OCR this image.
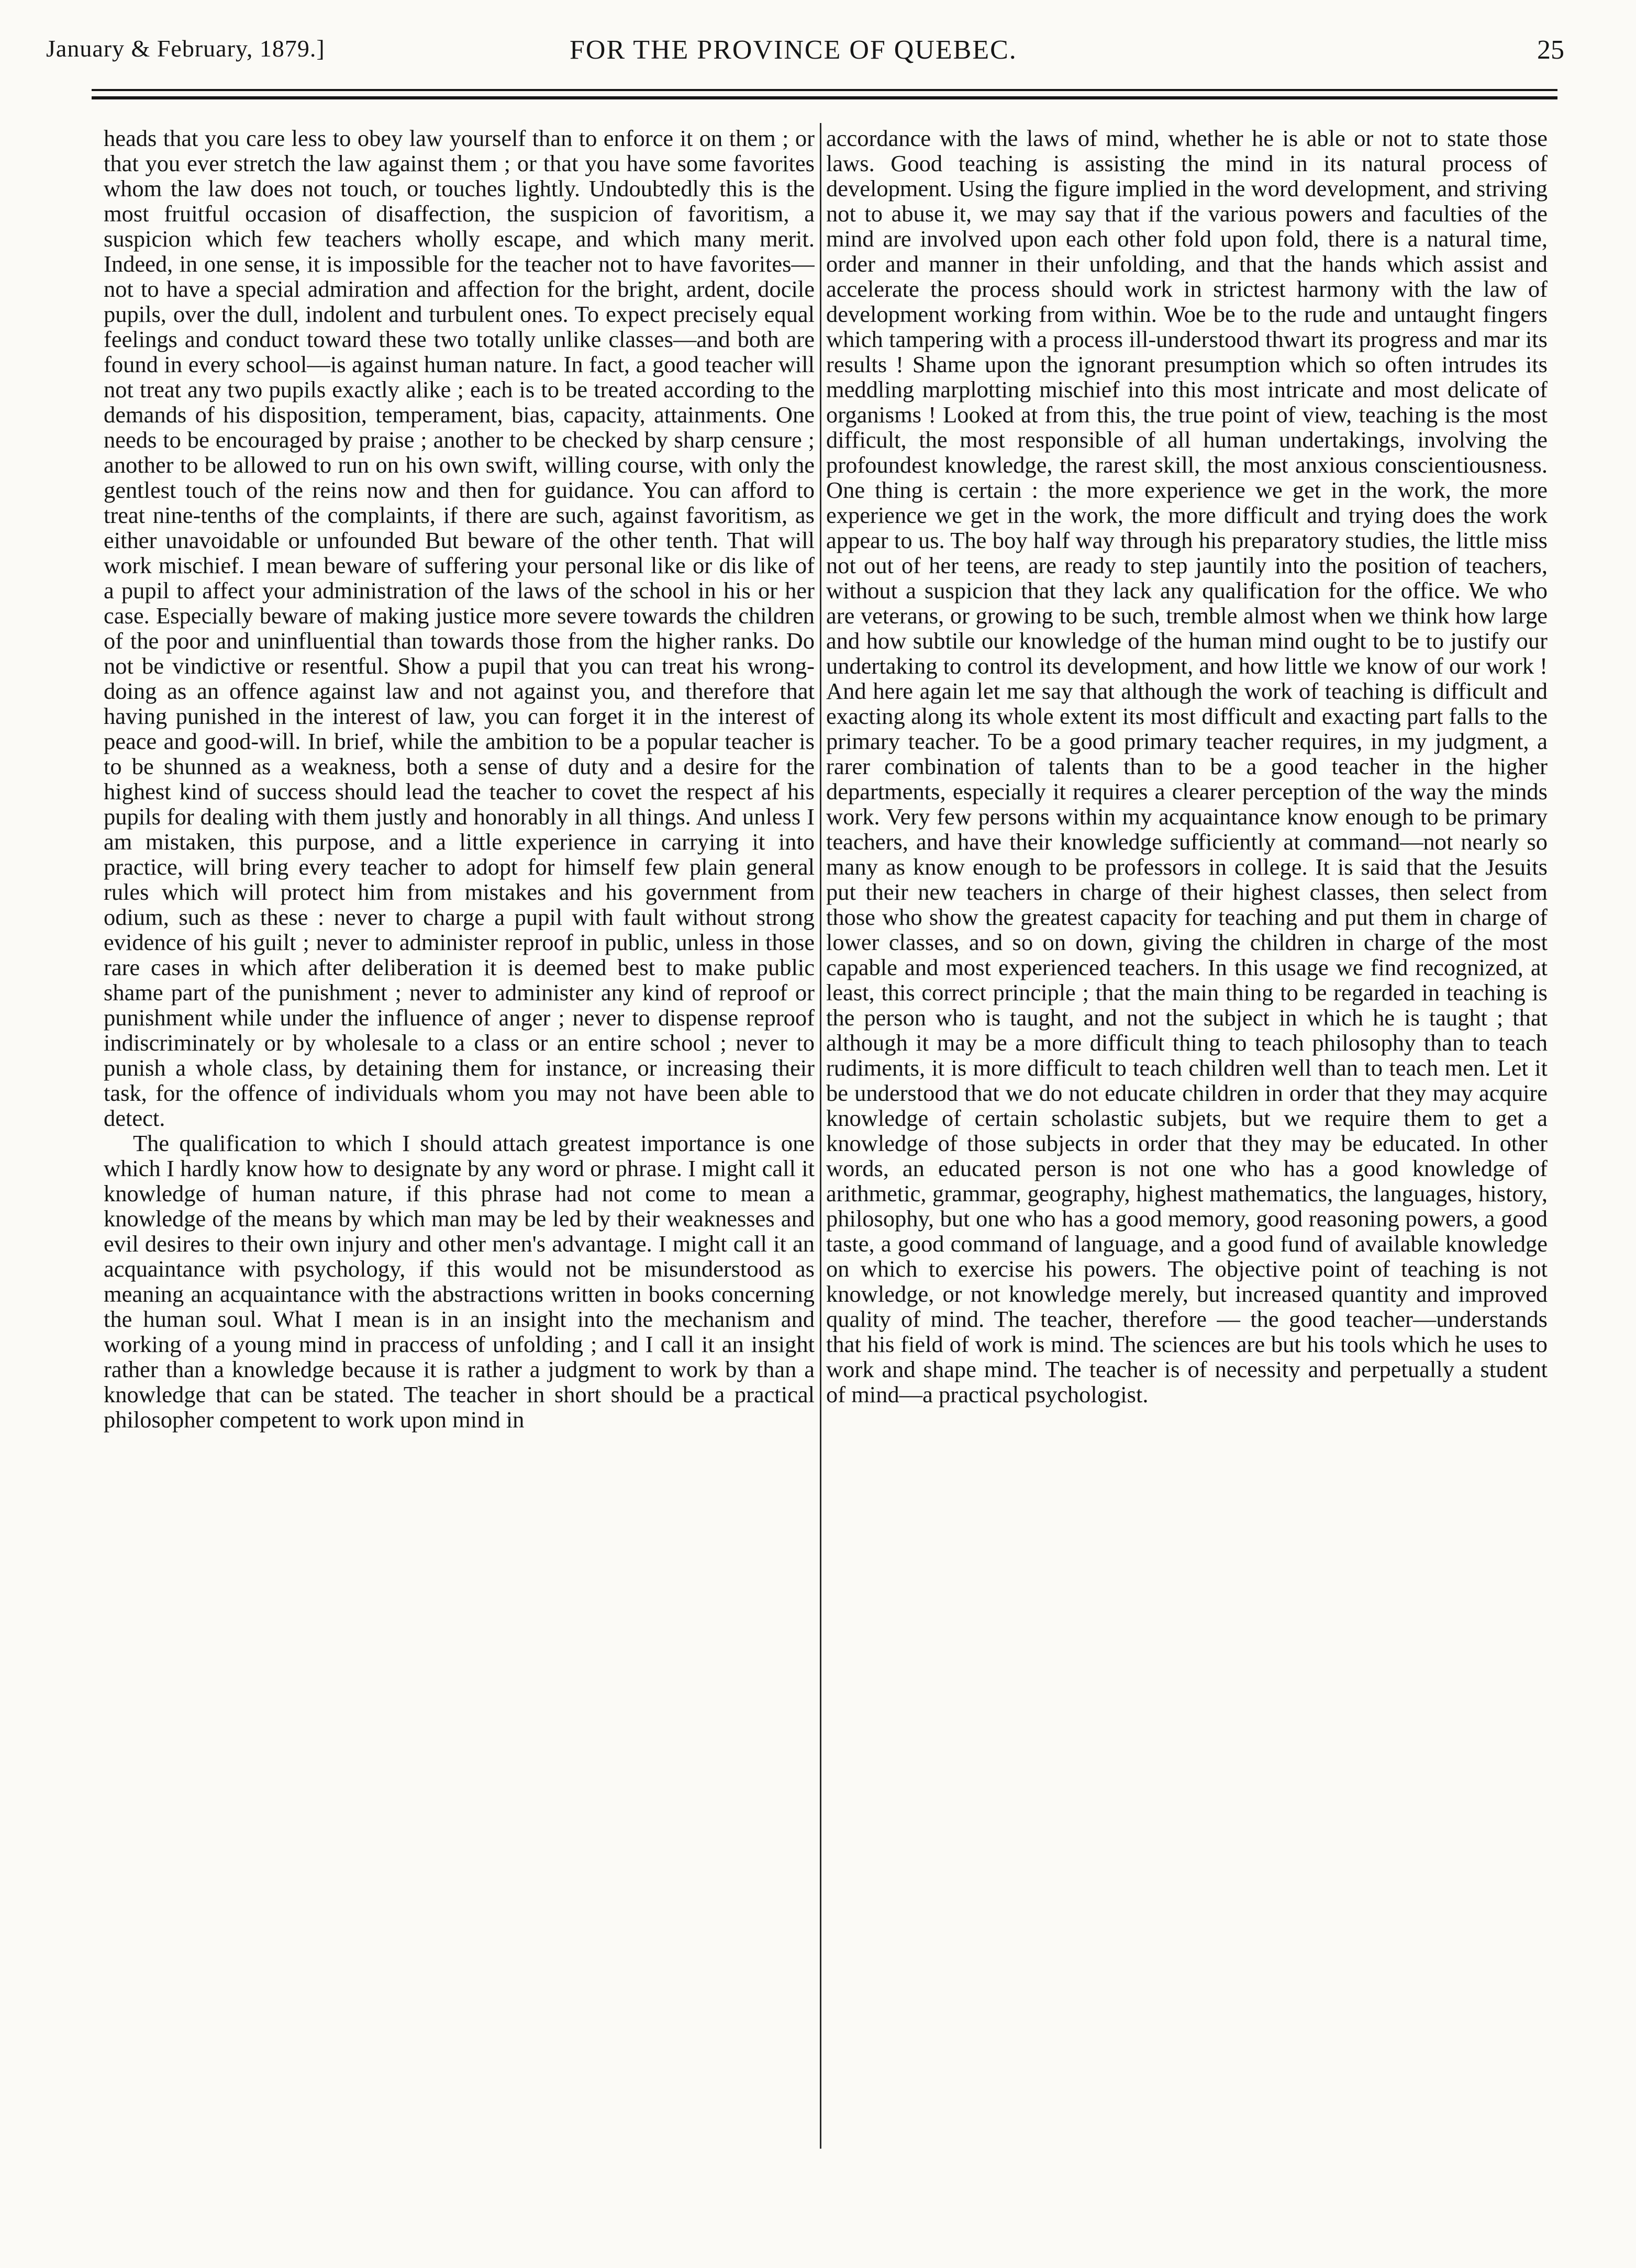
January & February, 1879.]	FOR THE PROVINCE OF QUEBEC.	25

heads that you care less to obey law yourself than to enforce it on them ; or that you ever stretch the law against them ; or that you have some favorites whom the law does not touch, or touches lightly. Undoubtedly this is the most fruitful occasion of disaffection, the suspicion of favoritism, a suspicion which few teachers wholly escape, and which many merit. Indeed, in one sense, it is impossible for the teacher not to have favorites—not to have a special admiration and affection for the bright, ardent, docile pupils, over the dull, indolent and turbulent ones. To expect precisely equal feelings and conduct toward these two totally unlike classes—and both are found in every school—is against human nature. In fact, a good teacher will not treat any two pupils exactly alike ; each is to be treated according to the demands of his disposition, temperament, bias, capacity, attainments. One needs to be encouraged by praise ; another to be checked by sharp censure ; another to be allowed to run on his own swift, willing course, with only the gentlest touch of the reins now and then for guidance. You can afford to treat nine-tenths of the complaints, if there are such, against favoritism, as either unavoidable or unfounded But beware of the other tenth. That will work mischief. I mean beware of suffering your personal like or dis like of a pupil to affect your administration of the laws of the school in his or her case. Especially beware of making justice more severe towards the children of the poor and uninfluential than towards those from the higher ranks. Do not be vindictive or resentful. Show a pupil that you can treat his wrong-doing as an offence against law and not against you, and therefore that having punished in the interest of law, you can forget it in the interest of peace and good-will. In brief, while the ambition to be a popular teacher is to be shunned as a weakness, both a sense of duty and a desire for the highest kind of success should lead the teacher to covet the respect af his pupils for dealing with them justly and honorably in all things. And unless I am mistaken, this purpose, and a little experience in carrying it into practice, will bring every teacher to adopt for himself few plain general rules which will protect him from mistakes and his government from odium, such as these : never to charge a pupil with fault without strong evidence of his guilt ; never to administer reproof in public, unless in those rare cases in which after deliberation it is deemed best to make public shame part of the punishment ; never to administer any kind of reproof or punishment while under the influence of anger ; never to dispense reproof indiscriminately or by wholesale to a class or an entire school ; never to punish a whole class, by detaining them for instance, or increasing their task, for the offence of individuals whom you may not have been able to detect.

The qualification to which I should attach greatest importance is one which I hardly know how to designate by any word or phrase. I might call it knowledge of human nature, if this phrase had not come to mean a knowledge of the means by which man may be led by their weaknesses and evil desires to their own injury and other men's advantage. I might call it an acquaintance with psychology, if this would not be misunderstood as meaning an acquaintance with the abstractions written in books concerning the human soul. What I mean is in an insight into the mechanism and working of a young mind in praccess of unfolding ; and I call it an insight rather than a knowledge because it is rather a judgment to work by than a knowledge that can be stated. The teacher in short should be a practical philosopher competent to work upon mind in

accordance with the laws of mind, whether he is able or not to state those laws. Good teaching is assisting the mind in its natural process of development. Using the figure implied in the word development, and striving not to abuse it, we may say that if the various powers and faculties of the mind are involved upon each other fold upon fold, there is a natural time, order and manner in their unfolding, and that the hands which assist and accelerate the process should work in strictest harmony with the law of development working from within. Woe be to the rude and untaught fingers which tampering with a process ill-understood thwart its progress and mar its results ! Shame upon the ignorant presumption which so often intrudes its meddling marplotting mischief into this most intricate and most delicate of organisms ! Looked at from this, the true point of view, teaching is the most difficult, the most responsible of all human undertakings, involving the profoundest knowledge, the rarest skill, the most anxious conscientiousness. One thing is certain : the more experience we get in the work, the more experience we get in the work, the more difficult and trying does the work appear to us. The boy half way through his preparatory studies, the little miss not out of her teens, are ready to step jauntily into the position of teachers, without a suspicion that they lack any qualification for the office. We who are veterans, or growing to be such, tremble almost when we think how large and how subtile our knowledge of the human mind ought to be to justify our undertaking to control its development, and how little we know of our work ! And here again let me say that although the work of teaching is difficult and exacting along its whole extent its most difficult and exacting part falls to the primary teacher. To be a good primary teacher requires, in my judgment, a rarer combination of talents than to be a good teacher in the higher departments, especially it requires a clearer perception of the way the minds work. Very few persons within my acquaintance know enough to be primary teachers, and have their knowledge sufficiently at command—not nearly so many as know enough to be professors in college. It is said that the Jesuits put their new teachers in charge of their highest classes, then select from those who show the greatest capacity for teaching and put them in charge of lower classes, and so on down, giving the children in charge of the most capable and most experienced teachers. In this usage we find recognized, at least, this correct principle ; that the main thing to be regarded in teaching is the person who is taught, and not the subject in which he is taught ; that although it may be a more difficult thing to teach philosophy than to teach rudiments, it is more difficult to teach children well than to teach men. Let it be understood that we do not educate children in order that they may acquire knowledge of certain scholastic subjets, but we require them to get a knowledge of those subjects in order that they may be educated. In other words, an educated person is not one who has a good knowledge of arithmetic, grammar, geography, highest mathematics, the languages, history, philosophy, but one who has a good memory, good reasoning powers, a good taste, a good command of language, and a good fund of available knowledge on which to exercise his powers. The objective point of teaching is not knowledge, or not knowledge merely, but increased quantity and improved quality of mind. The teacher, therefore — the good teacher—understands that his field of work is mind. The sciences are but his tools which he uses to work and shape mind. The teacher is of necessity and perpetually a student of mind—a practical psychologist.
